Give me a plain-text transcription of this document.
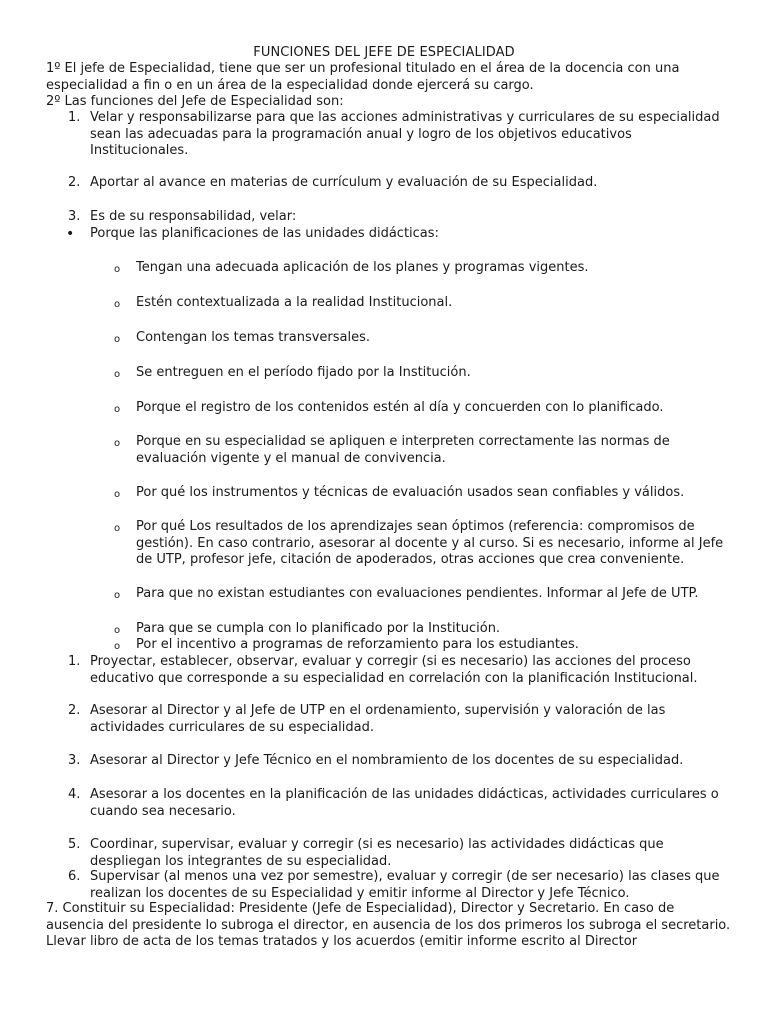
FUNCIONES DEL JEFE DE ESPECIALIDAD
1º El jefe de Especialidad, tiene que ser un profesional titulado en el área de la docencia con una especialidad a fin o en un área de la especialidad donde ejercerá su cargo.
2º Las funciones del Jefe de Especialidad son:
1. Velar y responsabilizarse para que las acciones administrativas y curriculares de su especialidad sean las adecuadas para la programación anual y logro de los objetivos educativos Institucionales.
2. Aportar al avance en materias de currículum y evaluación de su Especialidad.
3. Es de su responsabilidad, velar:
• Porque las planificaciones de las unidades didácticas:
o Tengan una adecuada aplicación de los planes y programas vigentes.
o Estén contextualizada a la realidad Institucional.
o Contengan los temas transversales.
o Se entreguen en el período fijado por la Institución.
o Porque el registro de los contenidos estén al día y concuerden con lo planificado.
o Porque en su especialidad se apliquen e interpreten correctamente las normas de evaluación vigente y el manual de convivencia.
o Por qué los instrumentos y técnicas de evaluación usados sean confiables y válidos.
o Por qué Los resultados de los aprendizajes sean óptimos (referencia: compromisos de gestión). En caso contrario, asesorar al docente y al curso. Si es necesario, informe al Jefe de UTP, profesor jefe, citación de apoderados, otras acciones que crea conveniente.
o Para que no existan estudiantes con evaluaciones pendientes. Informar al Jefe de UTP.
o Para que se cumpla con lo planificado por la Institución.
o Por el incentivo a programas de reforzamiento para los estudiantes.
1. Proyectar, establecer, observar, evaluar y corregir (si es necesario) las acciones del proceso educativo que corresponde a su especialidad en correlación con la planificación Institucional.
2. Asesorar al Director y al Jefe de UTP en el ordenamiento, supervisión y valoración de las actividades curriculares de su especialidad.
3. Asesorar al Director y Jefe Técnico en el nombramiento de los docentes de su especialidad.
4. Asesorar a los docentes en la planificación de las unidades didácticas, actividades curriculares o cuando sea necesario.
5. Coordinar, supervisar, evaluar y corregir (si es necesario) las actividades didácticas que despliegan los integrantes de su especialidad.
6. Supervisar (al menos una vez por semestre), evaluar y corregir (de ser necesario) las clases que realizan los docentes de su Especialidad y emitir informe al Director y Jefe Técnico.
7. Constituir su Especialidad: Presidente (Jefe de Especialidad), Director y Secretario. En caso de ausencia del presidente lo subroga el director, en ausencia de los dos primeros los subroga el secretario. Llevar libro de acta de los temas tratados y los acuerdos (emitir informe escrito al Director
